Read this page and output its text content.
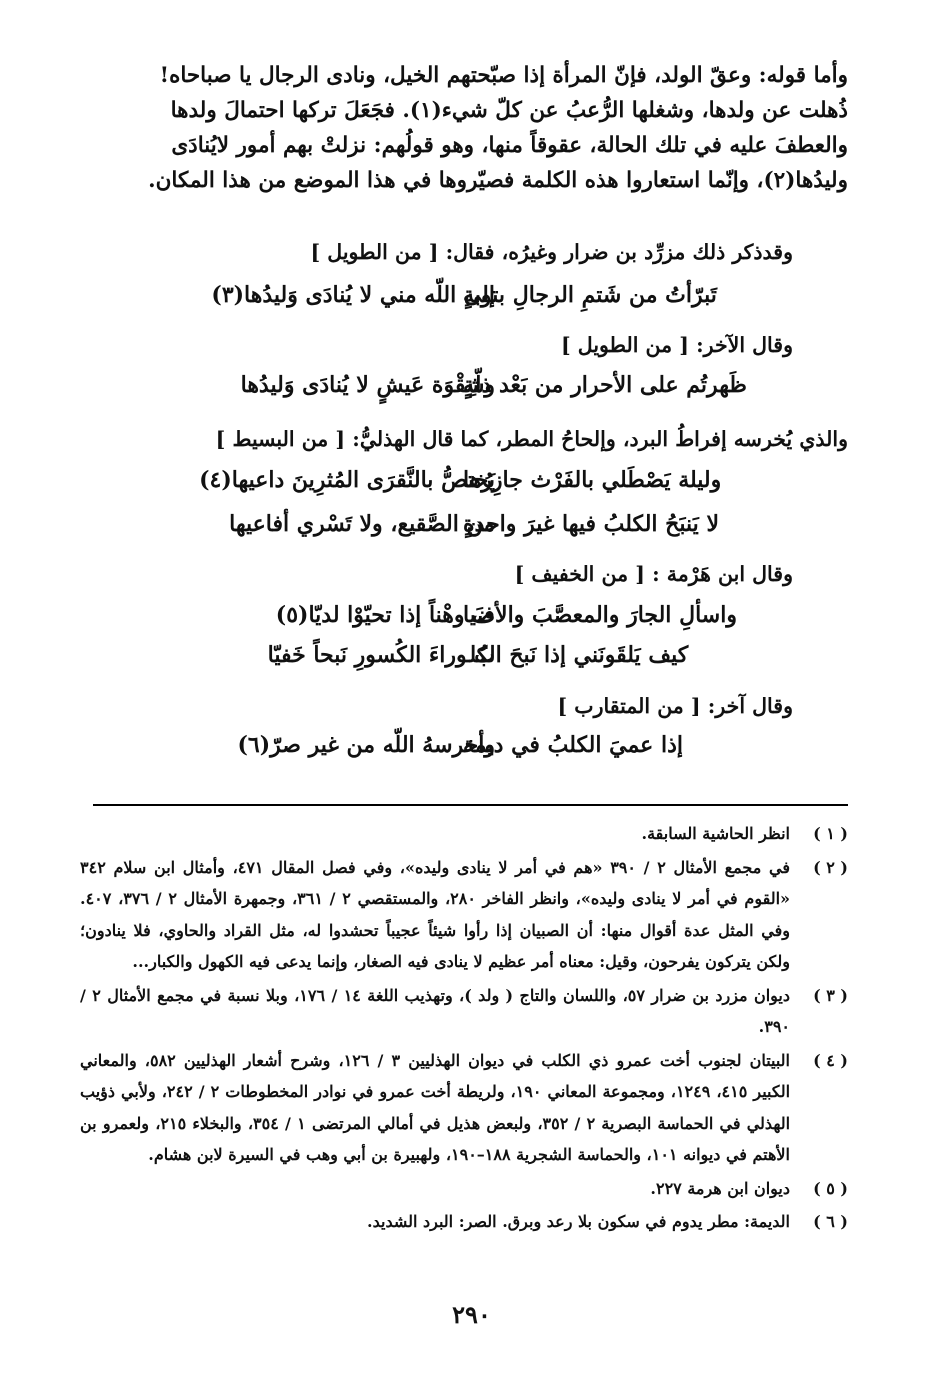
وأما قوله: وعقّ الولد، فإنّ المرأة إذا صبّحتهم الخيل، ونادى الرجال يا صباحاه!

ذُهلت عن ولدها، وشغلها الرُّعبُ عن كلّ شيء(١). فجَعَلَ تركها احتمالَ ولدها

والعطفَ عليه في تلك الحالة، عقوقاً منها، وهو قولُهم: نزلتْ بهم أمور لايُنادَى

وليدُها(٢)، وإنّما استعاروا هذه الكلمة فصيّروها في هذا الموضع من هذا المكان.

وقدذكر ذلك مزرِّد بن ضرار وغيرُه، فقال: [ من الطويل ]
تَبرّأتُ من شَتمِ الرجالِ بتوبةٍ
إلى اللّه مني لا يُنادَى وَليدُها(٣)
وقال الآخر: [ من الطويل ]
ظَهرتُم على الأحرار من بَعْد ذلّةٍ
وشِقْوَة عَيشٍ لا يُنادَى وَليدُها
والذي يُخرسه إفراطُ البرد، وإلحاحُ المطر، كما قال الهذليُّ: [ من البسيط ]
وليلة يَصْطَلي بالفَرْث جازِرُها
يَختصُّ بالنَّقرَى المُثرِينَ داعيها(٤)
لا يَنبَحُ الكلبُ فيها غيرَ واحدةٍ
من الصَّقيع، ولا تَسْري أفاعيها
وقال ابن هَرْمة : [ من الخفيف ]
واسألِ الجارَ والمعصَّبَ والأضيا
فَ وهْناً إذا تحيّوْا لديّا(٥)
كيف يَلقَونَني إذا نَبحَ الكلـ
بُ وراءَ الكُسورِ نَبحاً خَفيّا
وقال آخر: [ من المتقارب ]
إذا عميَ الكلبُ في ديمة
وأخرسهُ اللّه من غير صرّ(٦)
( ١ )
انظر الحاشية السابقة.
( ٢ )
في مجمع الأمثال ٢ / ٣٩٠ «هم في أمر لا ينادى وليده»، وفي فصل المقال ٤٧١، وأمثال ابن سلام ٣٤٢ «القوم في أمر لا ينادى وليده»، وانظر الفاخر ٢٨٠، والمستقصي ٢ / ٣٦١، وجمهرة الأمثال ٢ / ٣٧٦، ٤٠٧. وفي المثل عدة أقوال منها: أن الصبيان إذا رأوا شيئاً عجيباً تحشدوا له، مثل القراد والحاوي، فلا ينادون؛ ولكن يتركون يفرحون، وقيل: معناه أمر عظيم لا ينادى فيه الصغار، وإنما يدعى فيه الكهول والكبار...
( ٣ )
ديوان مزرد بن ضرار ٥٧، واللسان والتاج ( ولد )، وتهذيب اللغة ١٤ / ١٧٦، وبلا نسبة في مجمع الأمثال ٢ / ٣٩٠.
( ٤ )
البيتان لجنوب أخت عمرو ذي الكلب في ديوان الهذليين ٣ / ١٢٦، وشرح أشعار الهذليين ٥٨٢، والمعاني الكبير ٤١٥، ١٢٤٩، ومجموعة المعاني ١٩٠، ولريطة أخت عمرو في نوادر المخطوطات ٢ / ٢٤٢، ولأبي ذؤيب الهذلي في الحماسة البصرية ٢ / ٣٥٢، ولبعض هذيل في أمالي المرتضى ١ / ٣٥٤، والبخلاء ٢١٥، ولعمرو بن الأهتم في ديوانه ١٠١، والحماسة الشجرية ١٨٨–١٩٠، ولهبيرة بن أبي وهب في السيرة لابن هشام.
( ٥ )
ديوان ابن هرمة ٢٢٧.
( ٦ )
الديمة: مطر يدوم في سكون بلا رعد وبرق. الصر: البرد الشديد.
٢٩٠
